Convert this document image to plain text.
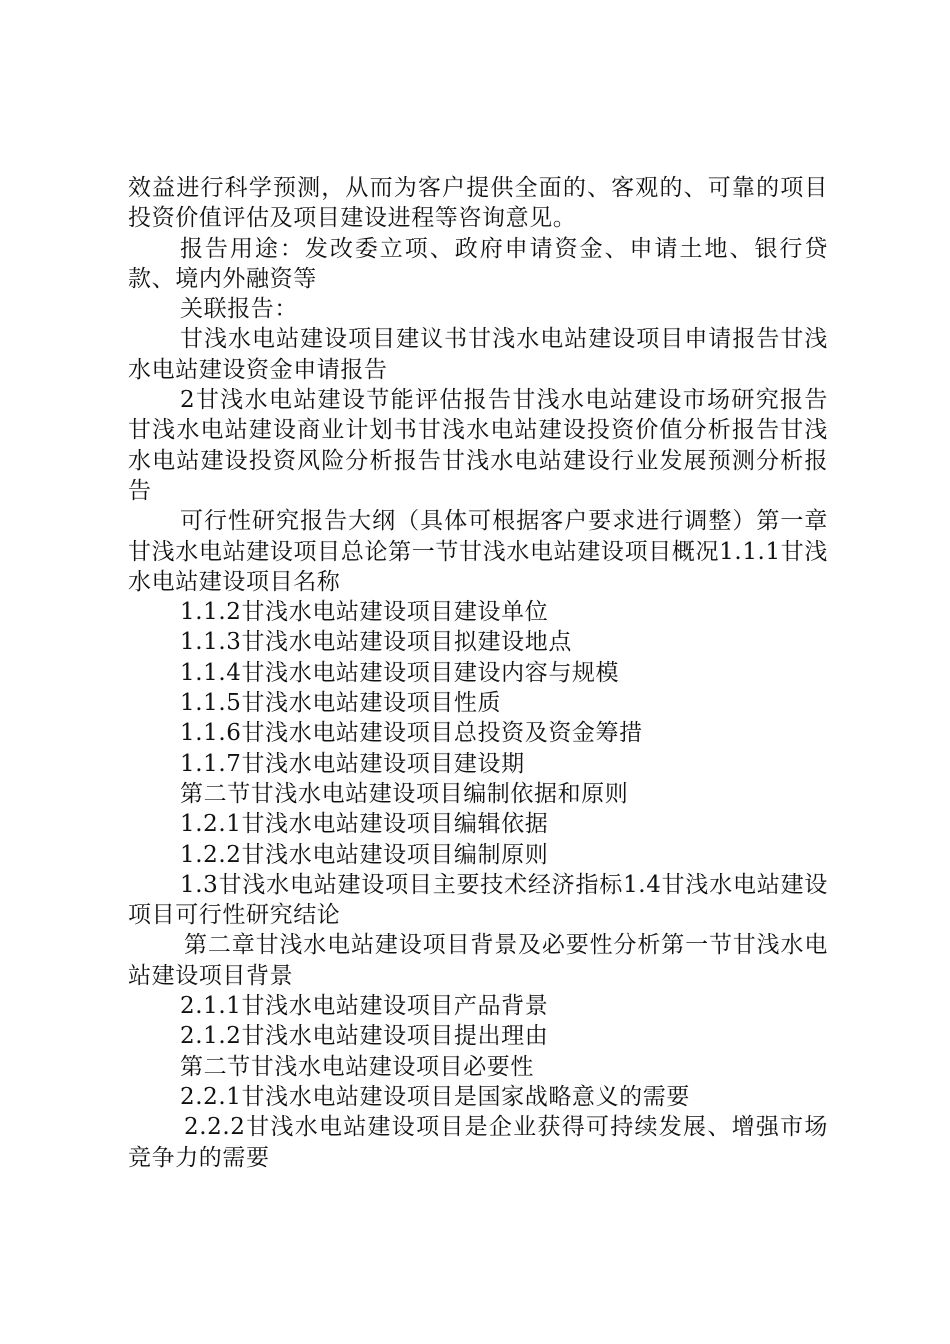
效益进行科学预测，从而为客户提供全面的、客观的、可靠的项目投资价值评估及项目建设进程等咨询意见。

报告用途：发改委立项、政府申请资金、申请土地、银行贷款、境内外融资等

关联报告：

甘浅水电站建设项目建议书甘浅水电站建设项目申请报告甘浅水电站建设资金申请报告

2甘浅水电站建设节能评估报告甘浅水电站建设市场研究报告甘浅水电站建设商业计划书甘浅水电站建设投资价值分析报告甘浅水电站建设投资风险分析报告甘浅水电站建设行业发展预测分析报告

可行性研究报告大纲（具体可根据客户要求进行调整）第一章甘浅水电站建设项目总论第一节甘浅水电站建设项目概况1.1.1甘浅水电站建设项目名称

1.1.2甘浅水电站建设项目建设单位

1.1.3甘浅水电站建设项目拟建设地点

1.1.4甘浅水电站建设项目建设内容与规模

1.1.5甘浅水电站建设项目性质

1.1.6甘浅水电站建设项目总投资及资金筹措

1.1.7甘浅水电站建设项目建设期

第二节甘浅水电站建设项目编制依据和原则

1.2.1甘浅水电站建设项目编辑依据

1.2.2甘浅水电站建设项目编制原则

1.3甘浅水电站建设项目主要技术经济指标1.4甘浅水电站建设项目可行性研究结论

第二章甘浅水电站建设项目背景及必要性分析第一节甘浅水电站建设项目背景

2.1.1甘浅水电站建设项目产品背景

2.1.2甘浅水电站建设项目提出理由

第二节甘浅水电站建设项目必要性

2.2.1甘浅水电站建设项目是国家战略意义的需要

2.2.2甘浅水电站建设项目是企业获得可持续发展、增强市场竞争力的需要
